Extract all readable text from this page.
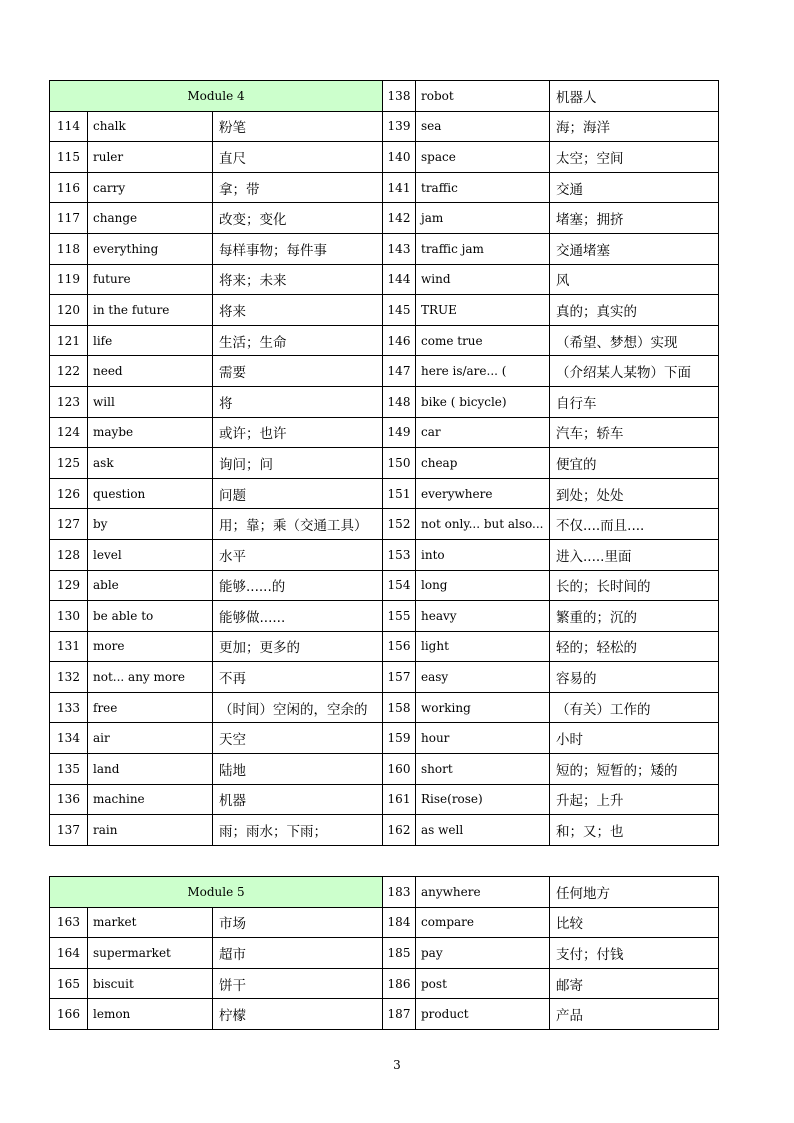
Module 4			138	robot	机器人
114	chalk	粉笔	139	sea	海；海洋
115	ruler	直尺	140	space	太空；空间
116	carry	拿；带	141	traffic	交通
117	change	改变；变化	142	jam	堵塞；拥挤
118	everything	每样事物；每件事	143	traffic jam	交通堵塞
119	future	将来；未来	144	wind	风
120	in the future	将来	145	TRUE	真的；真实的
121	life	生活；生命	146	come true	（希望、梦想）实现
122	need	需要	147	here is/are... (	（介绍某人某物）下面
123	will	将	148	bike ( bicycle)	自行车
124	maybe	或许；也许	149	car	汽车；轿车
125	ask	询问；问	150	cheap	便宜的
126	question	问题	151	everywhere	到处；处处
127	by	用；靠；乘（交通工具）	152	not only... but also...	不仅....而且....
128	level	水平	153	into	进入.....里面
129	able	能够......的	154	long	长的；长时间的
130	be able to	能够做......	155	heavy	繁重的；沉的
131	more	更加；更多的	156	light	轻的；轻松的
132	not... any more	不再	157	easy	容易的
133	free	（时间）空闲的，空余的	158	working	（有关）工作的
134	air	天空	159	hour	小时
135	land	陆地	160	short	短的；短暂的；矮的
136	machine	机器	161	Rise(rose)	升起；上升
137	rain	雨；雨水；下雨；	162	as well	和；又；也
Module 5			183	anywhere	任何地方
163	market	市场	184	compare	比较
164	supermarket	超市	185	pay	支付；付钱
165	biscuit	饼干	186	post	邮寄
166	lemon	柠檬	187	product	产品
3
